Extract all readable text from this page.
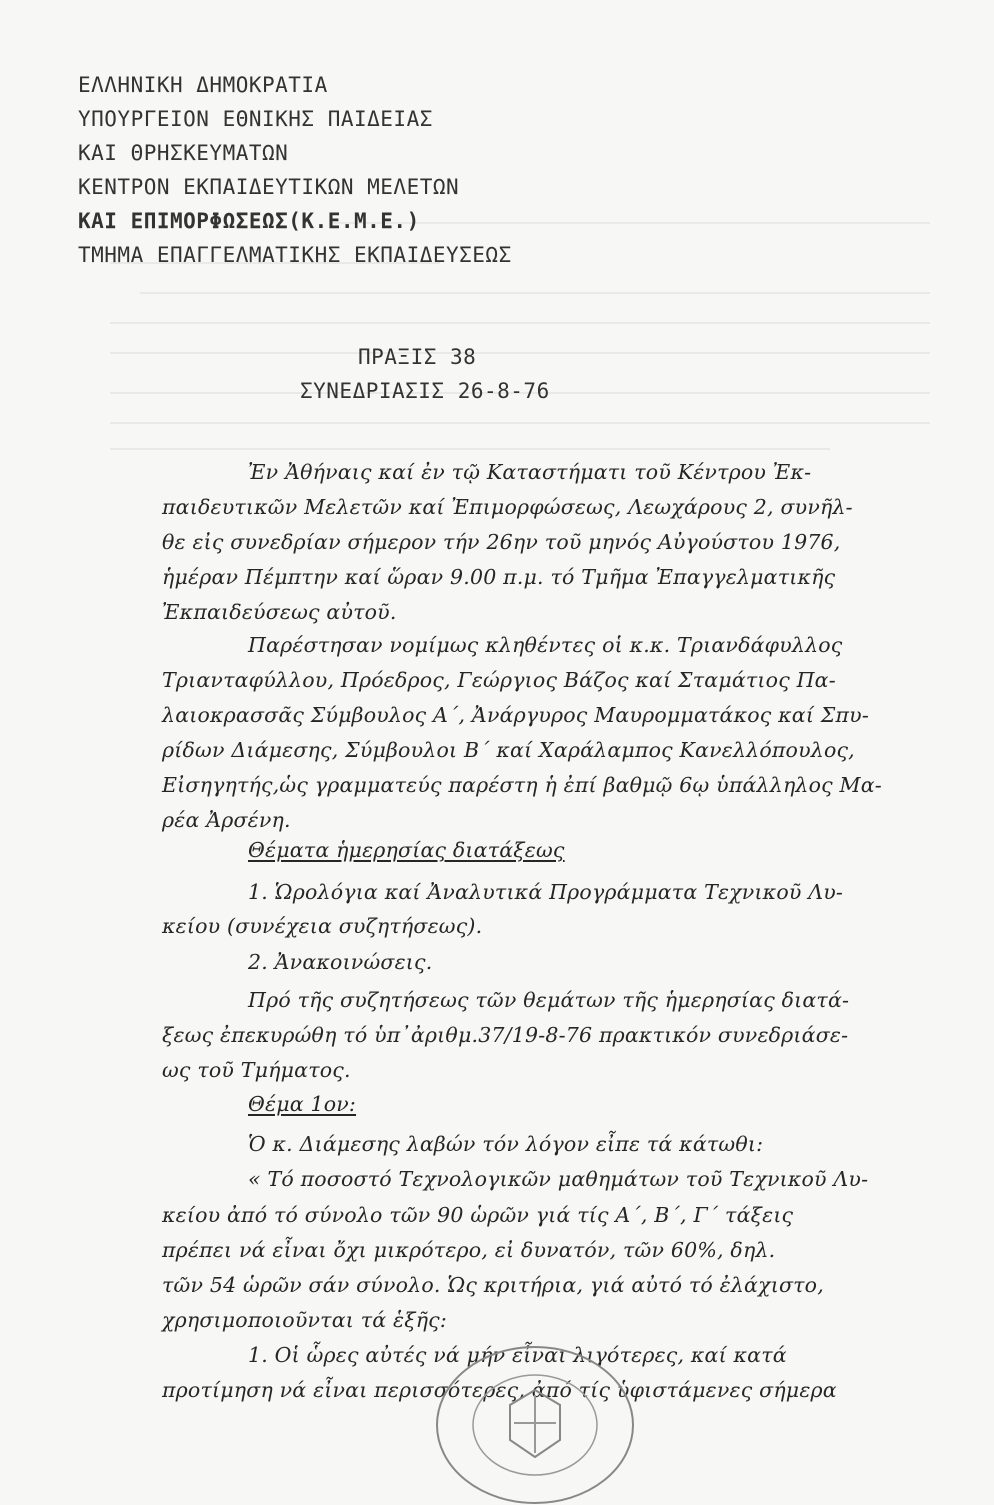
ΕΛΛΗΝΙΚΗ ΔΗΜΟΚΡΑΤΙΑ
ΥΠΟΥΡΓΕΙΟΝ ΕΘΝΙΚΗΣ ΠΑΙΔΕΙΑΣ
ΚΑΙ ΘΡΗΣΚΕΥΜΑΤΩΝ
ΚΕΝΤΡΟΝ ΕΚΠΑΙΔΕΥΤΙΚΩΝ ΜΕΛΕΤΩΝ
ΚΑΙ ΕΠΙΜΟΡΦΩΣΕΩΣ(Κ.Ε.Μ.Ε.)
ΤΜΗΜΑ ΕΠΑΓΓΕΛΜΑΤΙΚΗΣ ΕΚΠΑΙΔΕΥΣΕΩΣ
ΠΡΑΞΙΣ 38
ΣΥΝΕΔΡΙΑΣΙΣ 26-8-76
Ἐν Ἀθήναις καί ἐν τῷ Καταστήματι τοῦ Κέντρου Ἐκ-
παιδευτικῶν Μελετῶν καί Ἐπιμορφώσεως, Λεωχάρους 2, συνῆλ-
θε εἰς συνεδρίαν σήμερον τήν 26ην τοῦ μηνός Αὐγούστου 1976,
ἡμέραν Πέμπτην καί ὥραν 9.00 π.μ. τό Τμῆμα Ἐπαγγελματικῆς
Ἐκπαιδεύσεως αὐτοῦ.
Παρέστησαν νομίμως κληθέντες οἱ κ.κ. Τριανδάφυλλος
Τριανταφύλλου, Πρόεδρος, Γεώργιος Βάζος καί Σταμάτιος Πα-
λαιοκρασσᾶς Σύμβουλος Α΄, Ἀνάργυρος Μαυρομματάκος καί Σπυ-
ρίδων Διάμεσης, Σύμβουλοι Β΄ καί Χαράλαμπος Κανελλόπουλος,
Εἰσηγητής,ὡς γραμματεύς παρέστη ἡ ἐπί βαθμῷ 6ῳ ὑπάλληλος Μα-
ρέα Ἀρσένη.
Θέματα ἡμερησίας διατάξεως
1. Ὡρολόγια καί Ἀναλυτικά Προγράμματα Τεχνικοῦ Λυ-
κείου (συνέχεια συζητήσεως).
2. Ἀνακοινώσεις.
Πρό τῆς συζητήσεως τῶν θεμάτων τῆς ἡμερησίας διατά-
ξεως ἐπεκυρώθη τό ὑπ᾽ἀριθμ.37/19-8-76 πρακτικόν συνεδριάσε-
ως τοῦ Τμήματος.
Θέμα 1ον:
Ὁ κ. Διάμεσης λαβών τόν λόγον εἶπε τά κάτωθι:
« Τό ποσοστό Τεχνολογικῶν μαθημάτων τοῦ Τεχνικοῦ Λυ-
κείου ἀπό τό σύνολο τῶν 90 ὡρῶν γιά τίς Α΄, Β΄, Γ΄ τάξεις
πρέπει νά εἶναι ὄχι μικρότερο, εἰ δυνατόν, τῶν 60%, δηλ.
τῶν 54 ὡρῶν σάν σύνολο. Ὡς κριτήρια, γιά αὐτό τό ἐλάχιστο,
χρησιμοποιοῦνται τά ἑξῆς:
1. Οἱ ὧρες αὐτές νά μήν εἶναι λιγότερες, καί κατά
προτίμηση νά εἶναι περισσότερες, ἀπό τίς ὑφιστάμενες σήμερα
